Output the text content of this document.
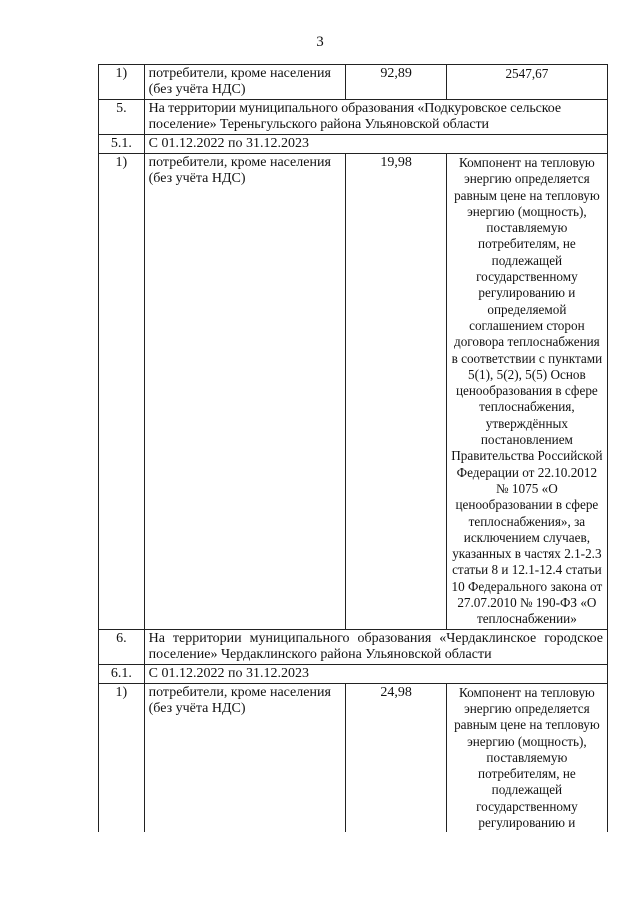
3
1)	потребители, кроме населения (без учёта НДС)	92,89	2547,67
5.	На территории муниципального образования «Подкуровское сельское поселение» Тереньгульского района Ульяновской области		
5.1.	С 01.12.2022 по 31.12.2023		
1)	потребители, кроме населения (без учёта НДС)	19,98	Компонент на тепловую энергию определяется равным цене на тепловую энергию (мощность), поставляемую потребителям, не подлежащей государственному регулированию и определяемой соглашением сторон договора теплоснабжения в соответствии с пунктами 5(1), 5(2), 5(5) Основ ценообразования в сфере теплоснабжения, утверждённых постановлением Правительства Российской Федерации от 22.10.2012 № 1075 «О ценообразовании в сфере теплоснабжения», за исключением случаев, указанных в частях 2.1-2.3 статьи 8 и 12.1-12.4 статьи 10 Федерального закона от 27.07.2010 № 190-ФЗ «О теплоснабжении»
6.	На территории муниципального образования «Чердаклинское городское поселение» Чердаклинского района Ульяновской области		
6.1.	С 01.12.2022 по 31.12.2023		
1)	потребители, кроме населения (без учёта НДС)	24,98	Компонент на тепловую энергию определяется равным цене на тепловую энергию (мощность), поставляемую потребителям, не подлежащей государственному регулированию и
